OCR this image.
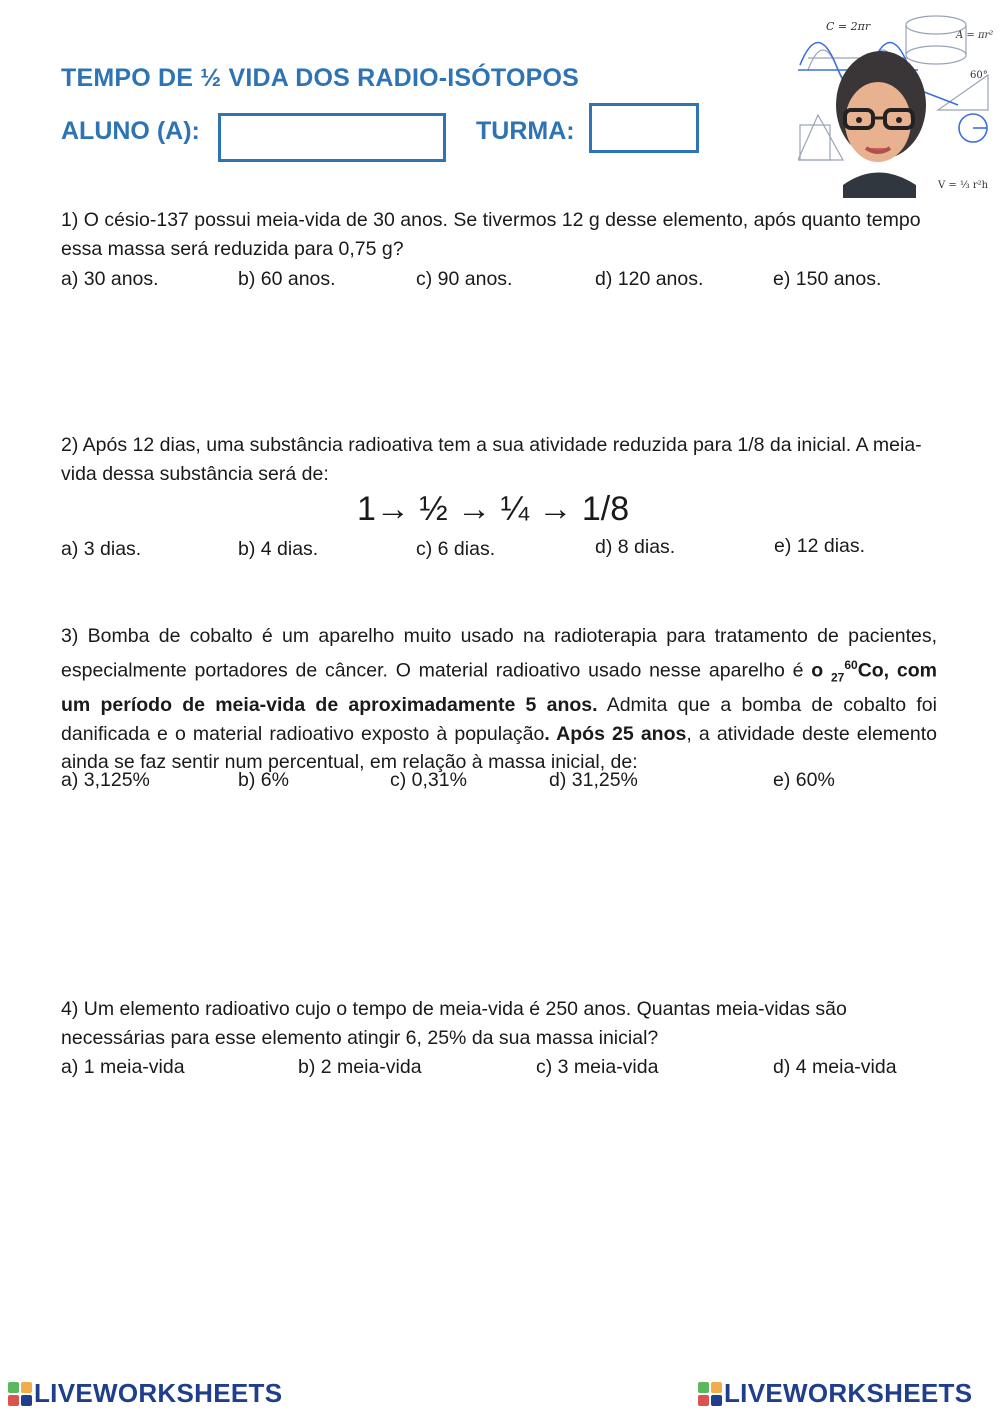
TEMPO DE ½ VIDA DOS RADIO-ISÓTOPOS
ALUNO (A):	TURMA:
C = 2πr
A = πr²
60°
V = ⅓ r²h
1) O césio-137 possui meia-vida de 30 anos. Se tivermos 12 g desse elemento, após quanto tempo essa massa será reduzida para 0,75 g?
a) 30 anos.	b) 60 anos.	c) 90 anos.	d) 120 anos.	e) 150 anos.
2) Após 12 dias, uma substância radioativa tem a sua atividade reduzida para 1/8 da inicial. A meia-vida dessa substância será de:
1→ ½ → ¼ → 1/8
a) 3 dias.	b) 4 dias.	c) 6 dias.	d) 8 dias.	e) 12 dias.
3) Bomba de cobalto é um aparelho muito usado na radioterapia para tratamento de pacientes, especialmente portadores de câncer. O material radioativo usado nesse aparelho é o $_{27}^{60}$Co, com um período de meia-vida de aproximadamente 5 anos. Admita que a bomba de cobalto foi danificada e o material radioativo exposto à população. Após 25 anos, a atividade deste elemento ainda se faz sentir num percentual, em relação à massa inicial, de:
a) 3,125%	b) 6%	c) 0,31%	d) 31,25%	e) 60%
4) Um elemento radioativo cujo o tempo de meia-vida é 250 anos. Quantas meia-vidas são necessárias para esse elemento atingir 6, 25% da sua massa inicial?
a) 1 meia-vida	b) 2 meia-vida	c) 3 meia-vida	d) 4 meia-vida
LIVEWORKSHEETS	LIVEWORKSHEETS
